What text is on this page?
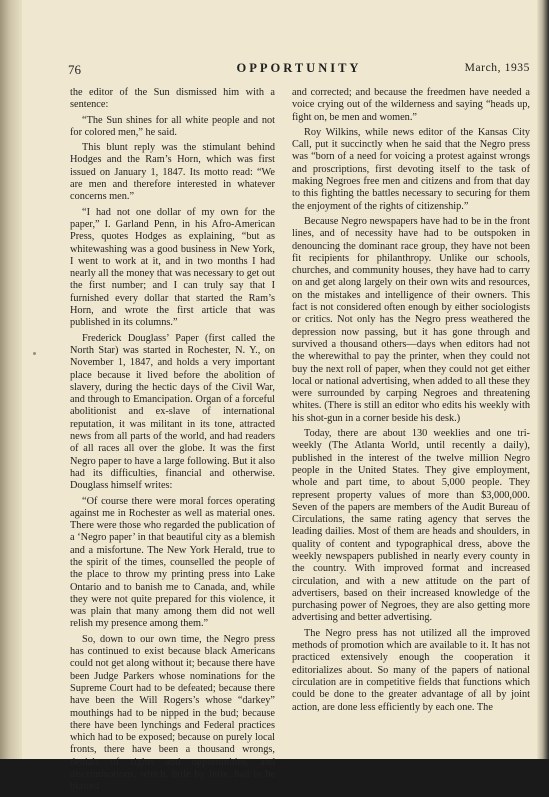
76	OPPORTUNITY	March, 1935

the editor of the Sun dismissed him with a sentence:

“The Sun shines for all white people and not for colored men,” he said.

This blunt reply was the stimulant behind Hodges and the Ram’s Horn, which was first issued on January 1, 1847. Its motto read: “We are men and therefore interested in whatever concerns men.”

“I had not one dollar of my own for the paper,” I. Garland Penn, in his Afro-American Press, quotes Hodges as explaining, “but as whitewashing was a good business in New York, I went to work at it, and in two months I had nearly all the money that was necessary to get out the first number; and I can truly say that I furnished every dollar that started the Ram’s Horn, and wrote the first article that was published in its columns.”

Frederick Douglass’ Paper (first called the North Star) was started in Rochester, N. Y., on November 1, 1847, and holds a very important place because it lived before the abolition of slavery, during the hectic days of the Civil War, and through to Emancipation. Organ of a forceful abolitionist and ex-slave of international reputation, it was militant in its tone, attracted news from all parts of the world, and had readers of all races all over the globe. It was the first Negro paper to have a large following. But it also had its difficulties, financial and otherwise. Douglass himself writes:

“Of course there were moral forces operating against me in Rochester as well as material ones. There were those who regarded the publication of a ‘Negro paper’ in that beautiful city as a blemish and a misfortune. The New York Herald, true to the spirit of the times, counselled the people of the place to throw my printing press into Lake Ontario and to banish me to Canada, and, while they were not quite prepared for this violence, it was plain that many among them did not well relish my presence among them.”

So, down to our own time, the Negro press has continued to exist because black Americans could not get along without it; because there have been Judge Parkers whose nominations for the Supreme Court had to be defeated; because there have been the Will Rogers’s whose “darkey” mouthings had to be nipped in the bud; because there have been lynchings and Federal practices which had to be exposed; because on purely local fronts, there have been a thousand wrongs, denials of rights and opportunities, and discriminations, which, little by little, had to be blasted

and corrected; and because the freedmen have needed a voice crying out of the wilderness and saying “heads up, fight on, be men and women.”

Roy Wilkins, while news editor of the Kansas City Call, put it succinctly when he said that the Negro press was “born of a need for voicing a protest against wrongs and proscriptions, first devoting itself to the task of making Negroes free men and citizens and from that day to this fighting the battles necessary to securing for them the enjoyment of the rights of citizenship.”

Because Negro newspapers have had to be in the front lines, and of necessity have had to be outspoken in denouncing the dominant race group, they have not been fit recipients for philanthropy. Unlike our schools, churches, and community houses, they have had to carry on and get along largely on their own wits and resources, on the mistakes and intelligence of their owners. This fact is not considered often enough by either sociologists or critics. Not only has the Negro press weathered the depression now passing, but it has gone through and survived a thousand others—days when editors had not the wherewithal to pay the printer, when they could not buy the next roll of paper, when they could not get either local or national advertising, when added to all these they were surrounded by carping Negroes and threatening whites. (There is still an editor who edits his weekly with his shot-gun in a corner beside his desk.)

Today, there are about 130 weeklies and one tri-weekly (The Atlanta World, until recently a daily), published in the interest of the twelve million Negro people in the United States. They give employment, whole and part time, to about 5,000 people. They represent property values of more than $3,000,000. Seven of the papers are members of the Audit Bureau of Circulations, the same rating agency that serves the leading dailies. Most of them are heads and shoulders, in quality of content and typographical dress, above the weekly newspapers published in nearly every county in the country. With improved format and increased circulation, and with a new attitude on the part of advertisers, based on their increased knowledge of the purchasing power of Negroes, they are also getting more advertising and better advertising.

The Negro press has not utilized all the improved methods of promotion which are available to it. It has not practiced extensively enough the cooperation it editorializes about. So many of the papers of national circulation are in competitive fields that functions which could be done to the greater advantage of all by joint action, are done less efficiently by each one. The
